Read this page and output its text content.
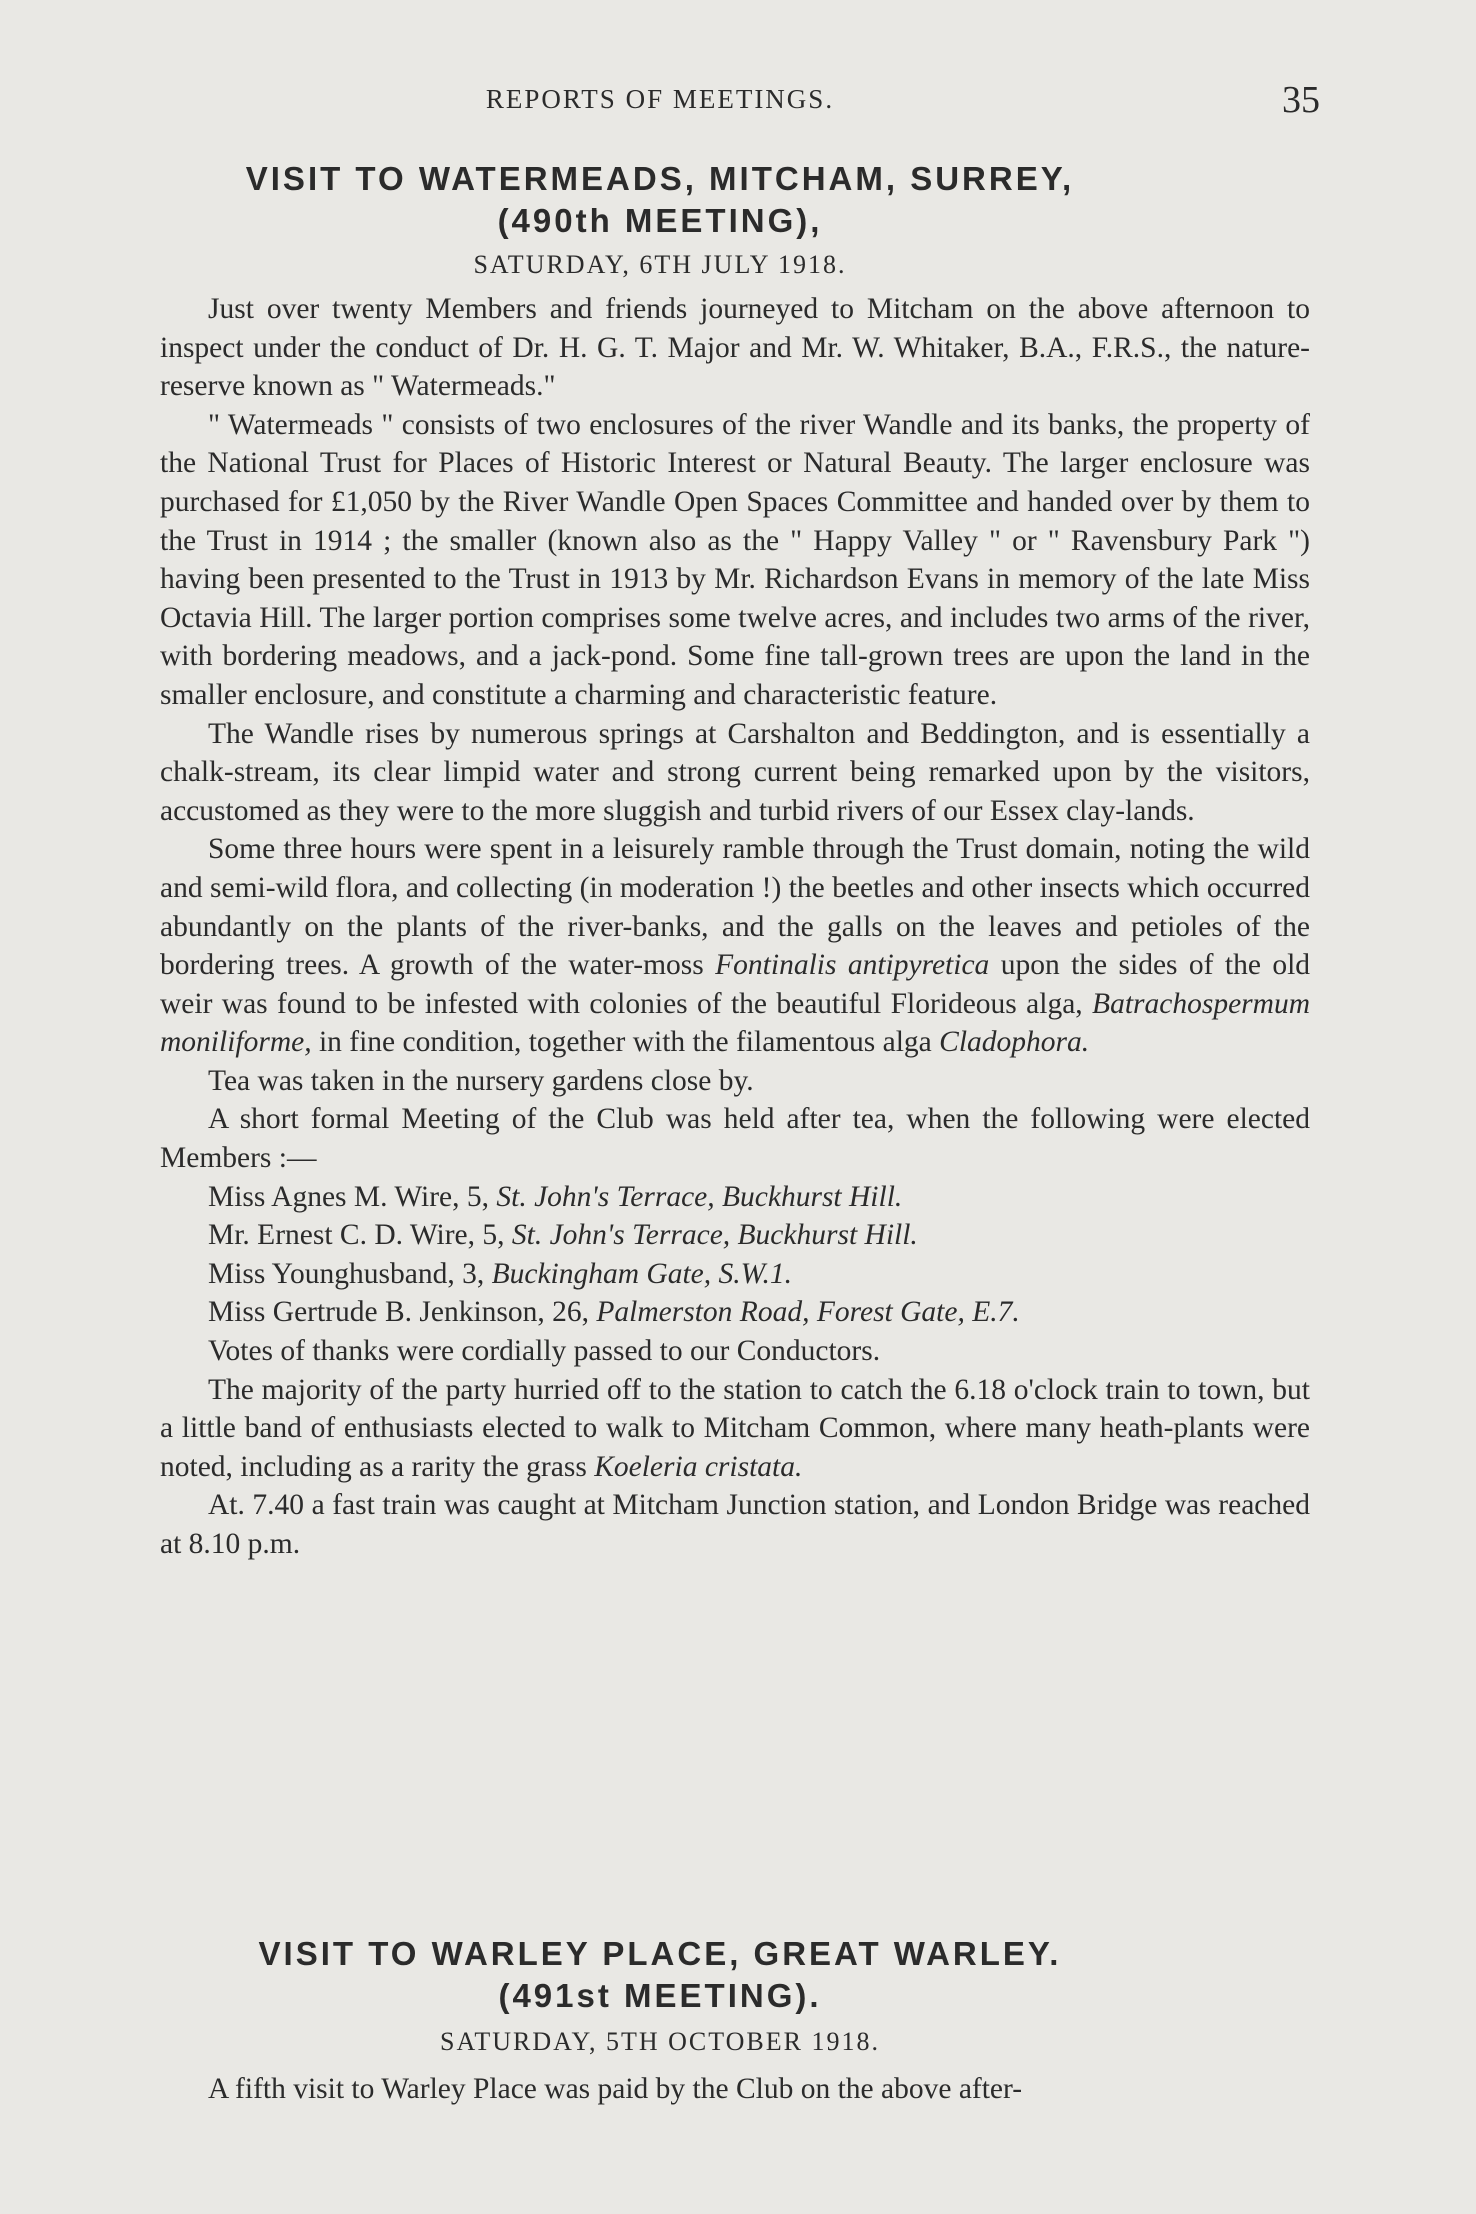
REPORTS OF MEETINGS.	35
VISIT TO WATERMEADS, MITCHAM, SURREY,
(490th MEETING),
SATURDAY, 6TH JULY 1918.

Just over twenty Members and friends journeyed to Mitcham on the above afternoon to inspect under the conduct of Dr. H. G. T. Major and Mr. W. Whitaker, B.A., F.R.S., the nature-reserve known as " Watermeads."

" Watermeads " consists of two enclosures of the river Wandle and its banks, the property of the National Trust for Places of Historic Interest or Natural Beauty. The larger enclosure was purchased for £1,050 by the River Wandle Open Spaces Committee and handed over by them to the Trust in 1914 ; the smaller (known also as the " Happy Valley " or " Ravensbury Park ") having been presented to the Trust in 1913 by Mr. Richardson Evans in memory of the late Miss Octavia Hill. The larger portion comprises some twelve acres, and includes two arms of the river, with bordering meadows, and a jack-pond. Some fine tall-grown trees are upon the land in the smaller enclosure, and constitute a charming and characteristic feature.

The Wandle rises by numerous springs at Carshalton and Beddington, and is essentially a chalk-stream, its clear limpid water and strong current being remarked upon by the visitors, accustomed as they were to the more sluggish and turbid rivers of our Essex clay-lands.

Some three hours were spent in a leisurely ramble through the Trust domain, noting the wild and semi-wild flora, and collecting (in moderation !) the beetles and other insects which occurred abundantly on the plants of the river-banks, and the galls on the leaves and petioles of the bordering trees. A growth of the water-moss Fontinalis antipyretica upon the sides of the old weir was found to be infested with colonies of the beautiful Florideous alga, Batrachospermum moniliforme, in fine condition, together with the filamentous alga Cladophora.

Tea was taken in the nursery gardens close by.

A short formal Meeting of the Club was held after tea, when the following were elected Members :—

Miss Agnes M. Wire, 5, St. John's Terrace, Buckhurst Hill.

Mr. Ernest C. D. Wire, 5, St. John's Terrace, Buckhurst Hill.

Miss Younghusband, 3, Buckingham Gate, S.W.1.

Miss Gertrude B. Jenkinson, 26, Palmerston Road, Forest Gate, E.7.

Votes of thanks were cordially passed to our Conductors.

The majority of the party hurried off to the station to catch the 6.18 o'clock train to town, but a little band of enthusiasts elected to walk to Mitcham Common, where many heath-plants were noted, including as a rarity the grass Koeleria cristata.

At. 7.40 a fast train was caught at Mitcham Junction station, and London Bridge was reached at 8.10 p.m.

VISIT TO WARLEY PLACE, GREAT WARLEY.
(491st MEETING).
SATURDAY, 5TH OCTOBER 1918.

A fifth visit to Warley Place was paid by the Club on the above after-
